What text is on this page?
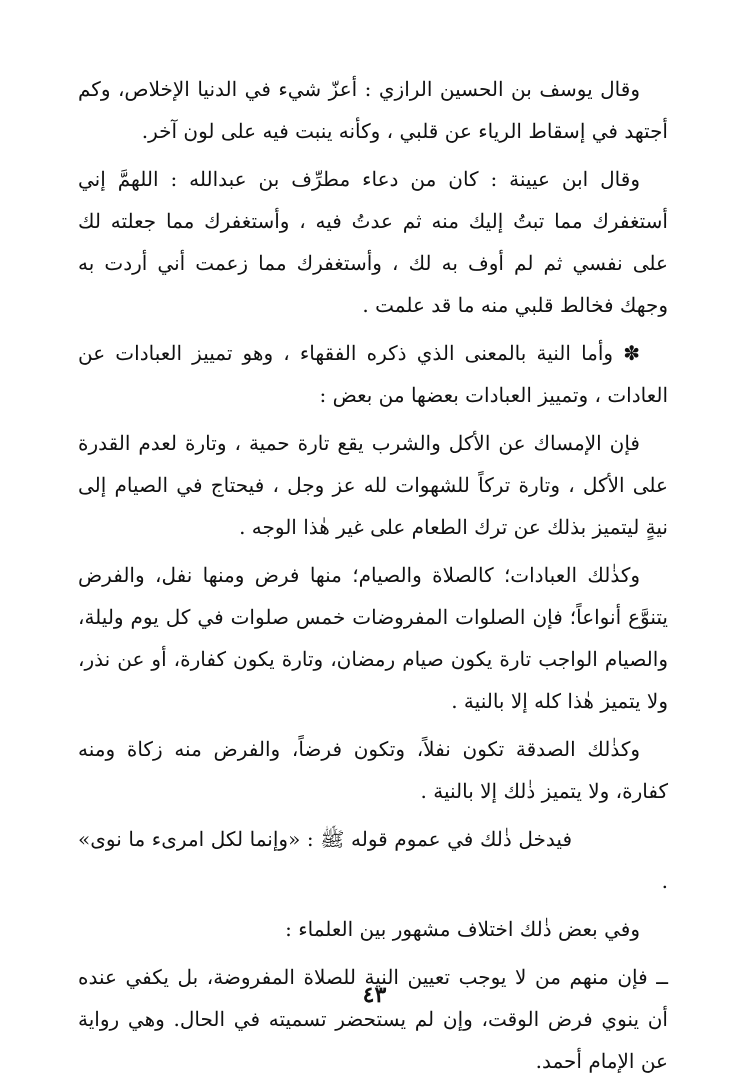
وقال يوسف بن الحسين الرازي : أعزّ شيء في الدنيا الإخلاص، وكم أجتهد في إسقاط الرياء عن قلبي ، وكأنه ينبت فيه على لون آخر.

وقال ابن عيينة : كان من دعاء مطرِّف بن عبدالله : اللهمَّ إني أستغفرك مما تبتُ إليك منه ثم عدتُ فيه ، وأستغفرك مما جعلته لك على نفسي ثم لم أوف به لك ، وأستغفرك مما زعمت أني أردت به وجهك فخالط قلبي منه ما قد علمت .

✽ وأما النية بالمعنى الذي ذكره الفقهاء ، وهو تمييز العبادات عن العادات ، وتمييز العبادات بعضها من بعض :

فإن الإمساك عن الأكل والشرب يقع تارة حمية ، وتارة لعدم القدرة على الأكل ، وتارة تركاً للشهوات لله عز وجل ، فيحتاج في الصيام إلى نيةٍ ليتميز بذلك عن ترك الطعام على غير هٰذا الوجه .

وكذٰلك العبادات؛ كالصلاة والصيام؛ منها فرض ومنها نفل، والفرض يتنوَّع أنواعاً؛ فإن الصلوات المفروضات خمس صلوات في كل يوم وليلة، والصيام الواجب تارة يكون صيام رمضان، وتارة يكون كفارة، أو عن نذر، ولا يتميز هٰذا كله إلا بالنية .

وكذٰلك الصدقة تكون نفلاً، وتكون فرضاً، والفرض منه زكاة ومنه كفارة، ولا يتميز ذٰلك إلا بالنية .

فيدخل ذٰلك في عموم قوله ﷺ : «وإنما لكل امرىء ما نوى» .

وفي بعض ذٰلك اختلاف مشهور بين العلماء :

ــ فإن منهم من لا يوجب تعيين النية للصلاة المفروضة، بل يكفي عنده أن ينوي فرض الوقت، وإن لم يستحضر تسميته في الحال. وهي رواية عن الإمام أحمد.

٤٣
